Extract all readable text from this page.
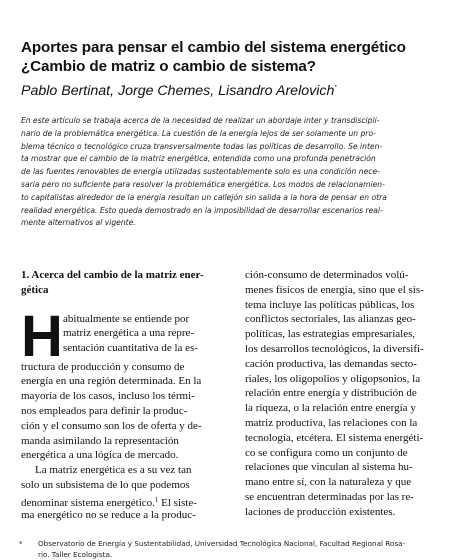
Aportes para pensar el cambio del sistema energético
¿Cambio de matriz o cambio de sistema?
Pablo Bertinat, Jorge Chemes, Lisandro Arelovich*
En este artículo se trabaja acerca de la necesidad de realizar un abordaje inter y transdiscipli-
nario de la problemática energética. La cuestión de la energía lejos de ser solamente un pro-
blema técnico o tecnológico cruza transversalmente todas las políticas de desarrollo. Se inten-
ta mostrar que el cambio de la matriz energética, entendida como una profunda penetración
de las fuentes renovables de energía utilizadas sustentablemente solo es una condición nece-
saria pero no suficiente para resolver la problemática energética. Los modos de relacionamien-
to capitalistas alrededor de la energía resultan un callejón sin salida a la hora de pensar en otra
realidad energética. Esto queda demostrado en la imposibilidad de desarrollar escenarios real-
mente alternativos al vigente.
1. Acerca del cambio de la matriz ener-
gética
H abitualmente se entiende por
matriz energética a una repre-
sentación cuantitativa de la es-
tructura de producción y consumo de
energía en una región determinada. En la
mayoría de los casos, incluso los térmi-
nos empleados para definir la produc-
ción y el consumo son los de oferta y de-
manda asimilando la representación
energética a una lógica de mercado.
La matriz energética es a su vez tan
solo un subsistema de lo que podemos
denominar sistema energético.$^1$ El siste-
ma energético no se reduce a la produc-
ción-consumo de determinados volú-
menes físicos de energía, sino que el sis-
tema incluye las políticas públicas, los
conflictos sectoriales, las alianzas geo-
políticas, las estrategias empresariales,
los desarrollos tecnológicos, la diversifi-
cación productiva, las demandas secto-
riales, los oligopolios y oligopsonios, la
relación entre energía y distribución de
la riqueza, o la relación entre energía y
matriz productiva, las relaciones con la
tecnología, etcétera. El sistema energéti-
co se configura como un conjunto de
relaciones que vinculan al sistema hu-
mano entre sí, con la naturaleza y que
se encuentran determinadas por las re-
laciones de producción existentes.
*	Observatorio de Energía y Sustentabilidad, Universidad Tecnológica Nacional, Facultad Regional Rosa-
rio. Taller Ecologista.
